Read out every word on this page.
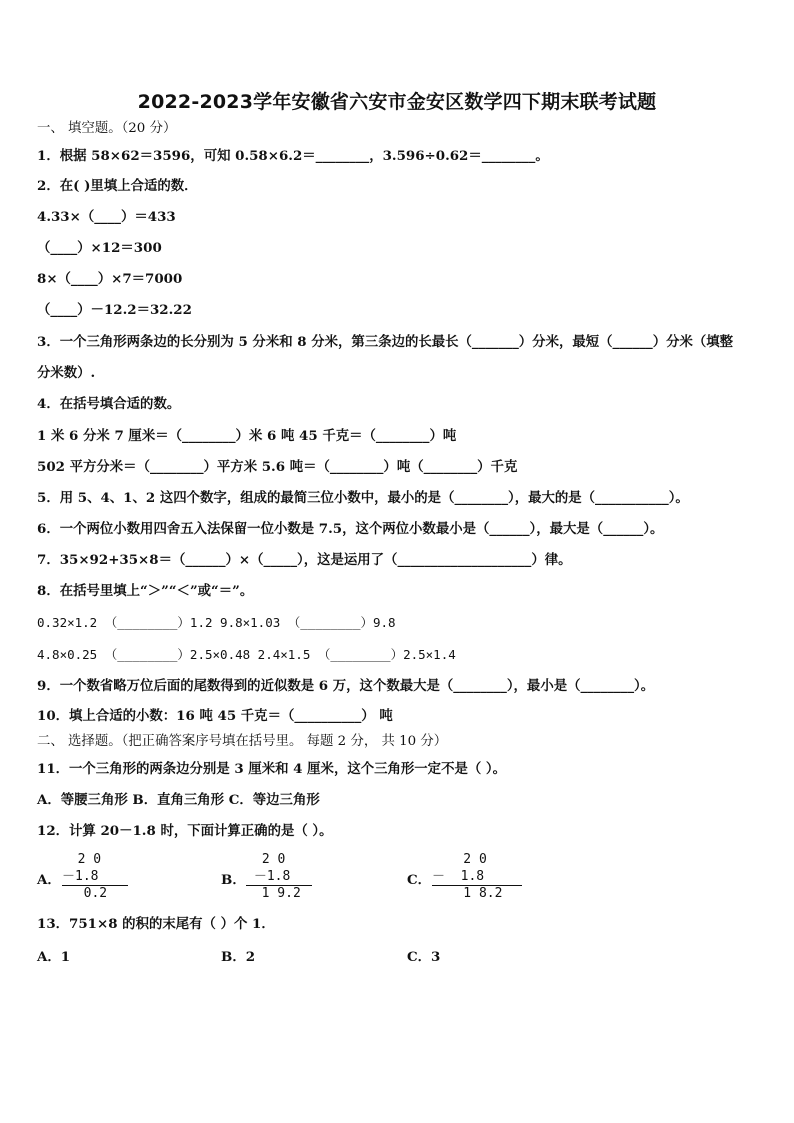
2022-2023学年安徽省六安市金安区数学四下期末联考试题
一、 填空题。（20 分）
1．根据 58×62＝3596，可知 0.58×6.2＝________，3.596÷0.62＝________。
2．在( )里填上合适的数．
4.33×（____）＝433
（____）×12＝300
8×（____）×7＝7000
（____）－12.2＝32.22
3．一个三角形两条边的长分别为 5 分米和 8 分米，第三条边的长最长（_______）分米，最短（______）分米（填整
分米数）.
4．在括号填合适的数。
1 米 6 分米 7 厘米＝（________）米 6 吨 45 千克＝（________）吨
502 平方分米＝（________）平方米 5.6 吨＝（________）吨（________）千克
5．用 5、4、1、2 这四个数字，组成的最简三位小数中，最小的是（________），最大的是（___________）。
6．一个两位小数用四舍五入法保留一位小数是 7.5，这个两位小数最小是（______），最大是（______）。
7．35×92+35×8＝（______）×（_____），这是运用了（____________________）律。
8．在括号里填上“＞”“＜”或“＝”。
0.32×1.2 （________）1.2 9.8×1.03 （________）9.8
4.8×0.25 （________）2.5×0.48 2.4×1.5 （________）2.5×1.4
9．一个数省略万位后面的尾数得到的近似数是 6 万，这个数最大是（________），最小是（________）。
10．填上合适的小数：16 吨 45 千克＝（__________） 吨
二、 选择题。（把正确答案序号填在括号里。 每题 2 分， 共 10 分）
11．一个三角形的两条边分别是 3 厘米和 4 厘米，这个三角形一定不是（ ）。
A．等腰三角形 B．直角三角形 C．等边三角形
12．计算 20－1.8 时，下面计算正确的是（ ）。
A．
2 0
－1.8
0.2
B．
2 0
－1.8
1 9.2
C．
2 0
－  1.8
1 8.2
13．751×8 的积的末尾有（ ）个 1．
A．1	B．2	C．3
